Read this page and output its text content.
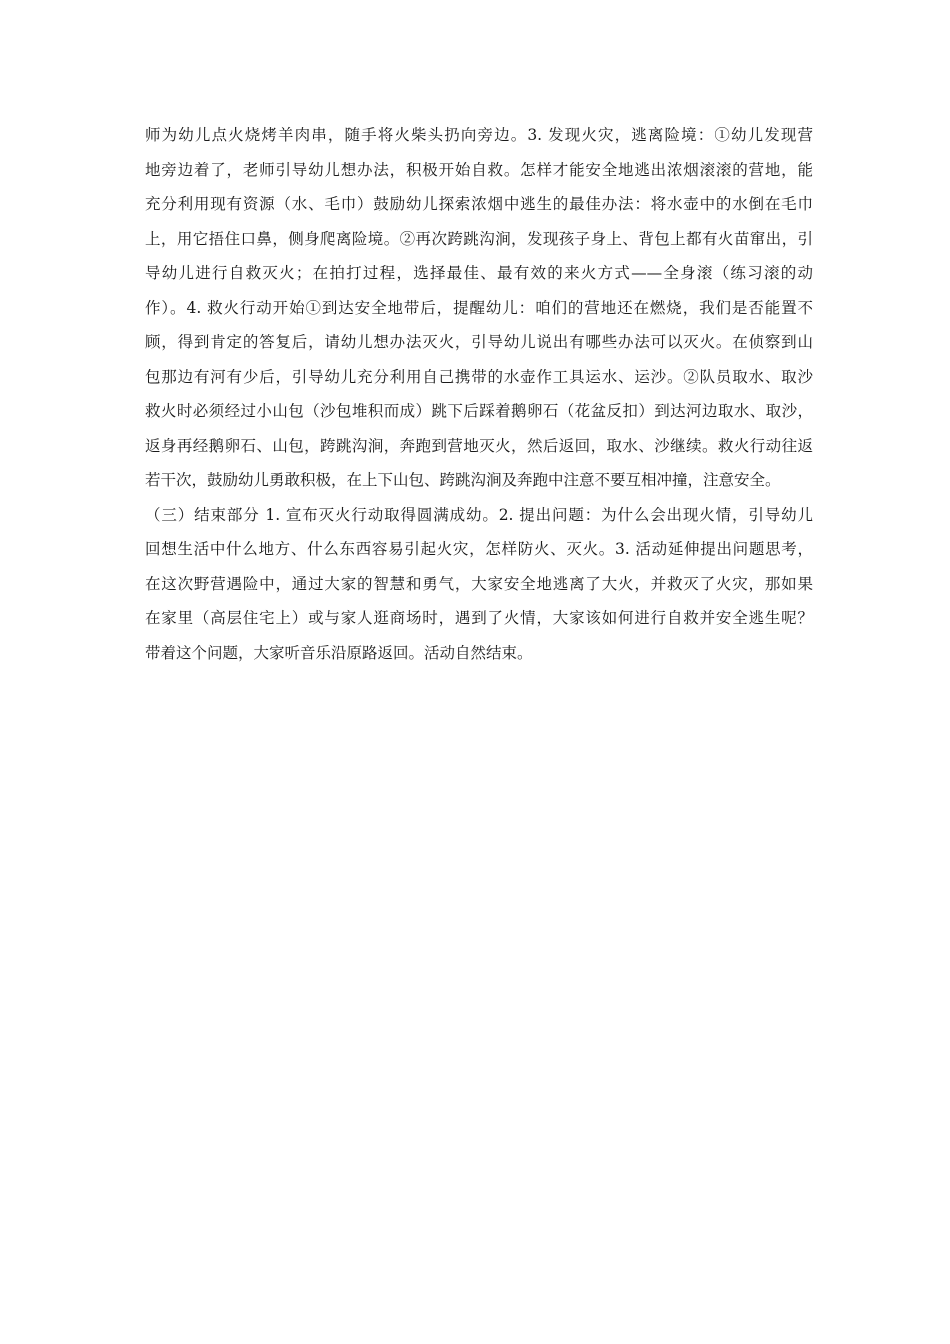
师为幼儿点火烧烤羊肉串，随手将火柴头扔向旁边。3. 发现火灾，逃离险境：①幼儿发现营
地旁边着了，老师引导幼儿想办法，积极开始自救。怎样才能安全地逃出浓烟滚滚的营地，能
充分利用现有资源（水、毛巾）鼓励幼儿探索浓烟中逃生的最佳办法：将水壶中的水倒在毛巾
上，用它捂住口鼻，侧身爬离险境。②再次跨跳沟涧，发现孩子身上、背包上都有火苗窜出，引
导幼儿进行自救灭火；在拍打过程，选择最佳、最有效的来火方式——全身滚（练习滚的动
作）。4. 救火行动开始①到达安全地带后，提醒幼儿：咱们的营地还在燃烧，我们是否能置不
顾，得到肯定的答复后，请幼儿想办法灭火，引导幼儿说出有哪些办法可以灭火。在侦察到山
包那边有河有少后，引导幼儿充分利用自己携带的水壶作工具运水、运沙。②队员取水、取沙
救火时必须经过小山包（沙包堆积而成）跳下后踩着鹅卵石（花盆反扣）到达河边取水、取沙，
返身再经鹅卵石、山包，跨跳沟涧，奔跑到营地灭火，然后返回，取水、沙继续。救火行动往返
若干次，鼓励幼儿勇敢积极，在上下山包、跨跳沟涧及奔跑中注意不要互相冲撞，注意安全。
（三）结束部分 1. 宣布灭火行动取得圆满成幼。2. 提出问题：为什么会出现火情，引导幼儿
回想生活中什么地方、什么东西容易引起火灾，怎样防火、灭火。3. 活动延伸提出问题思考，
在这次野营遇险中，通过大家的智慧和勇气，大家安全地逃离了大火，并救灭了火灾，那如果
在家里（高层住宅上）或与家人逛商场时，遇到了火情，大家该如何进行自救并安全逃生呢？
带着这个问题，大家听音乐沿原路返回。活动自然结束。
